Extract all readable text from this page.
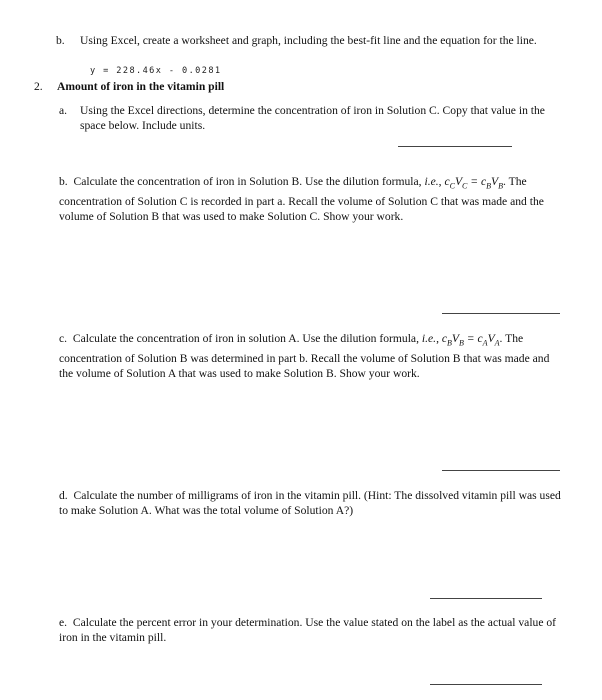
b. Using Excel, create a worksheet and graph, including the best-fit line and the equation for the line.
y = 228.46x - 0.0281
2. Amount of iron in the vitamin pill
a. Using the Excel directions, determine the concentration of iron in Solution C. Copy that value in the space below. Include units.
b. Calculate the concentration of iron in Solution B. Use the dilution formula, i.e., $c_CV_C = c_BV_B$. The concentration of Solution C is recorded in part a. Recall the volume of Solution C that was made and the volume of Solution B that was used to make Solution C. Show your work.
c. Calculate the concentration of iron in solution A. Use the dilution formula, i.e., $c_BV_B = c_AV_A$. The concentration of Solution B was determined in part b. Recall the volume of Solution B that was made and the volume of Solution A that was used to make Solution B. Show your work.
d. Calculate the number of milligrams of iron in the vitamin pill. (Hint: The dissolved vitamin pill was used to make Solution A. What was the total volume of Solution A?)
e. Calculate the percent error in your determination. Use the value stated on the label as the actual value of iron in the vitamin pill.
